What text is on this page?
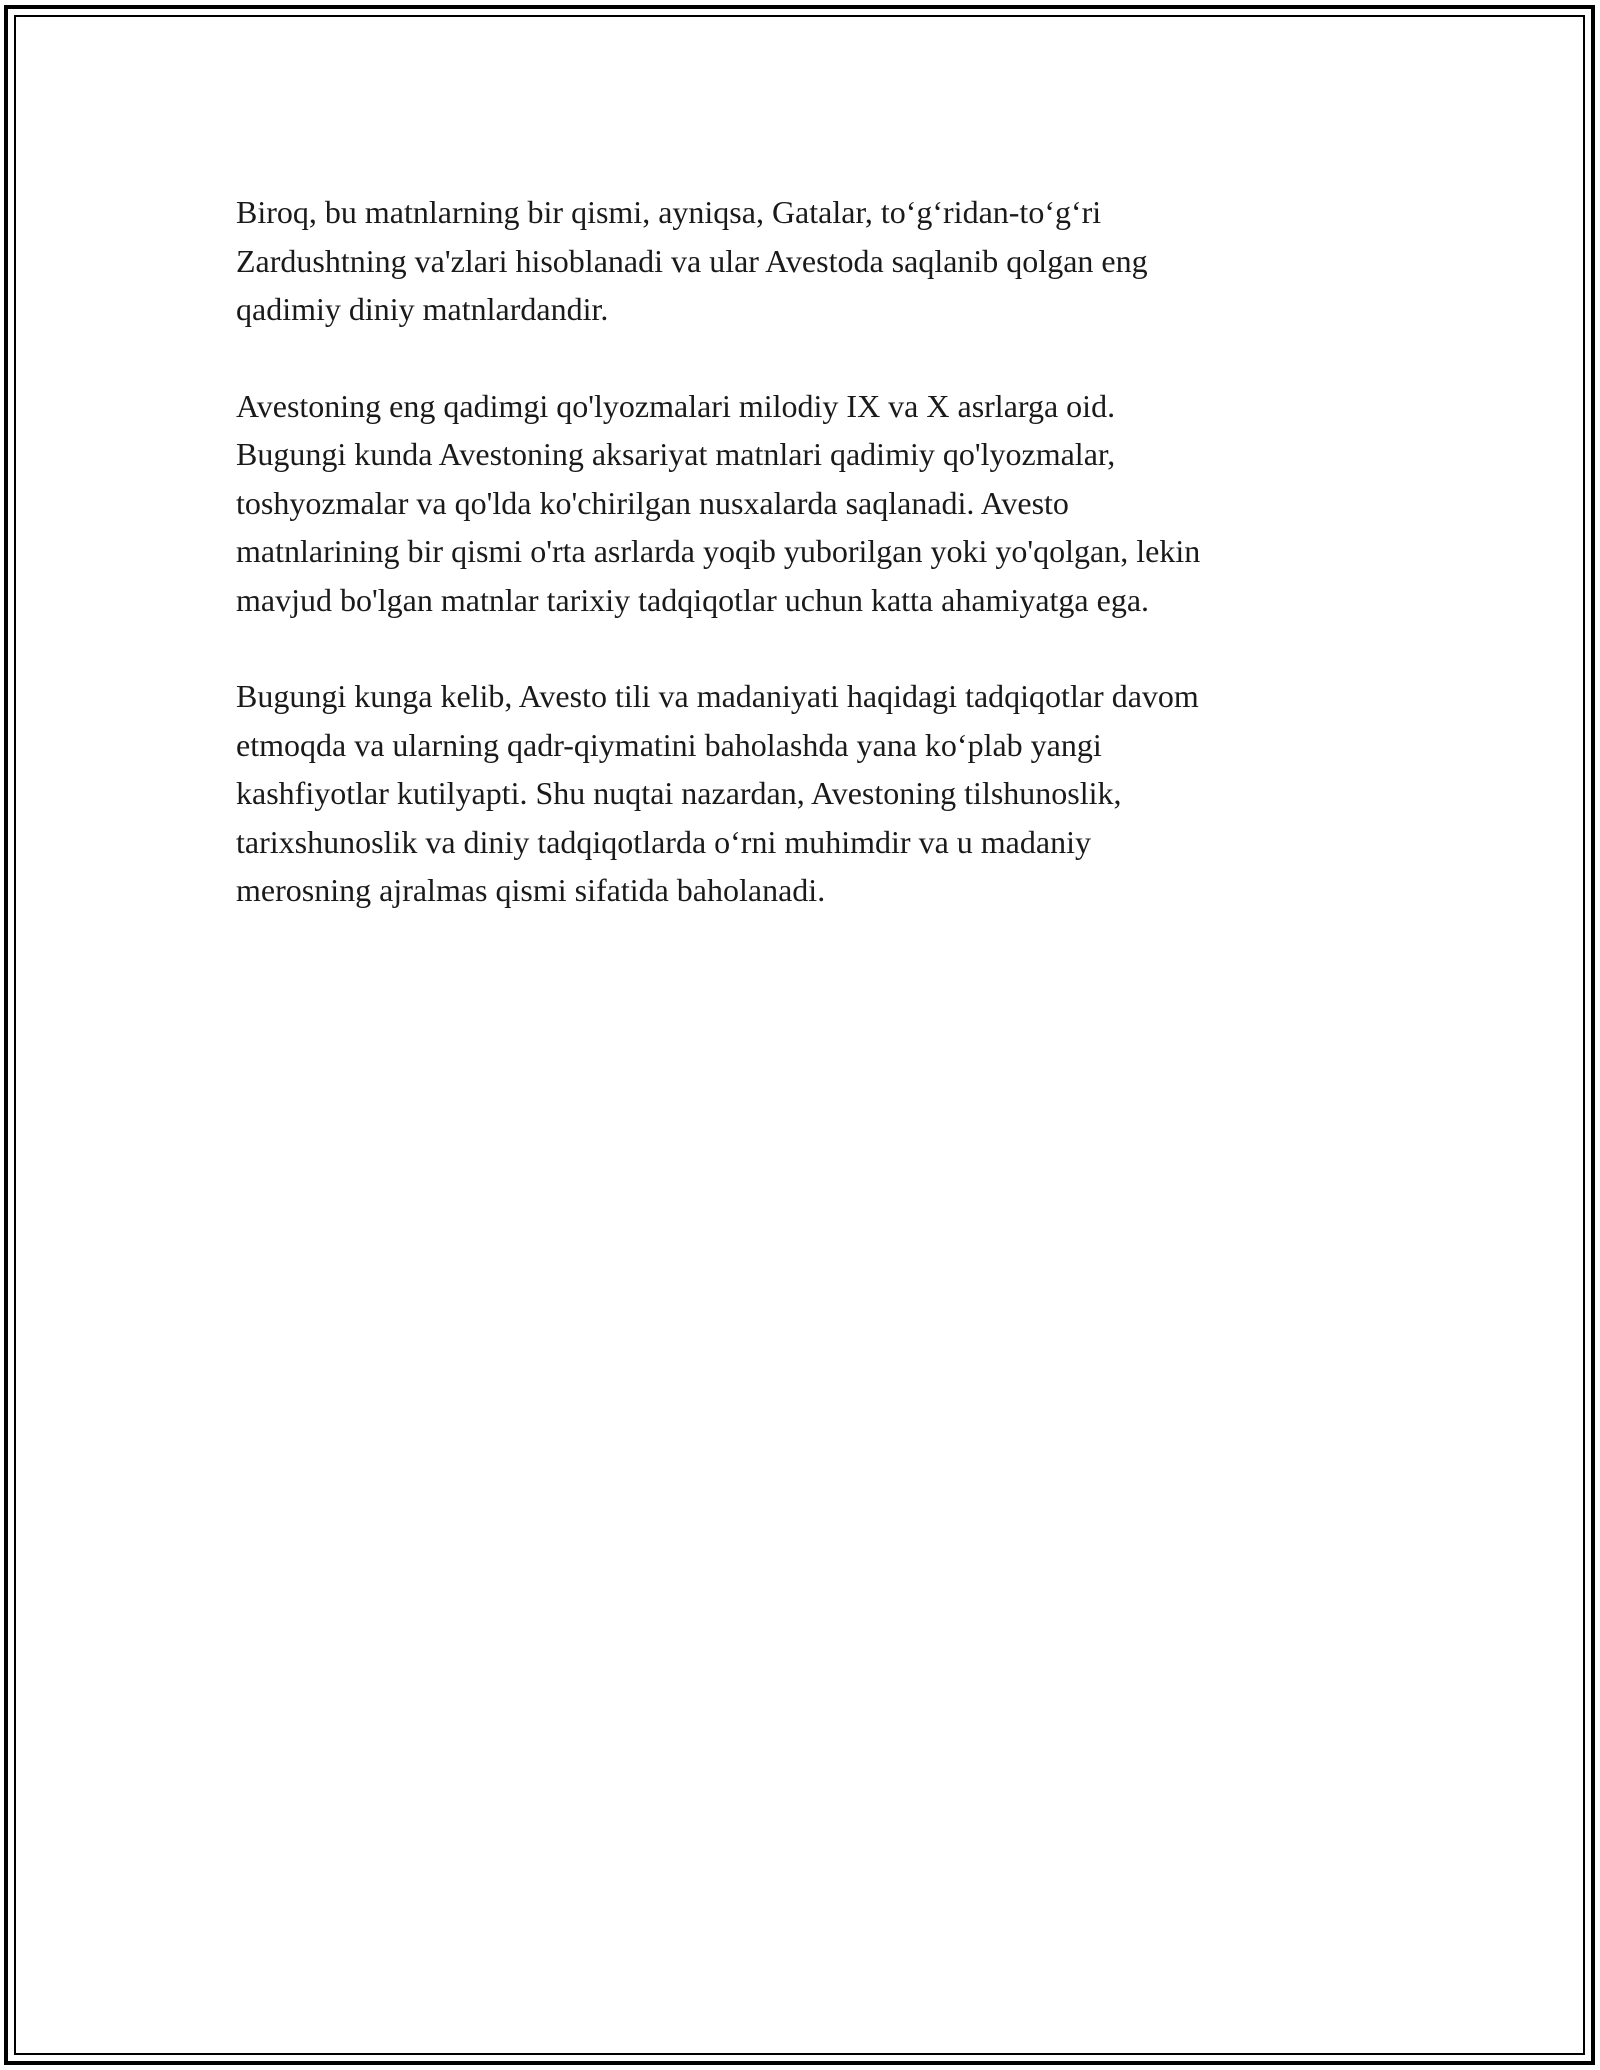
Biroq, bu matnlarning bir qismi, ayniqsa, Gatalar, to‘g‘ridan-to‘g‘ri
Zardushtning va'zlari hisoblanadi va ular Avestoda saqlanib qolgan eng
qadimiy diniy matnlardandir.

Avestoning eng qadimgi qo'lyozmalari milodiy IX va X asrlarga oid.
Bugungi kunda Avestoning aksariyat matnlari qadimiy qo'lyozmalar,
toshyozmalar va qo'lda ko'chirilgan nusxalarda saqlanadi. Avesto
matnlarining bir qismi o'rta asrlarda yoqib yuborilgan yoki yo'qolgan, lekin
mavjud bo'lgan matnlar tarixiy tadqiqotlar uchun katta ahamiyatga ega.

Bugungi kunga kelib, Avesto tili va madaniyati haqidagi tadqiqotlar davom
etmoqda va ularning qadr-qiymatini baholashda yana ko‘plab yangi
kashfiyotlar kutilyapti. Shu nuqtai nazardan, Avestoning tilshunoslik,
tarixshunoslik va diniy tadqiqotlarda o‘rni muhimdir va u madaniy
merosning ajralmas qismi sifatida baholanadi.
